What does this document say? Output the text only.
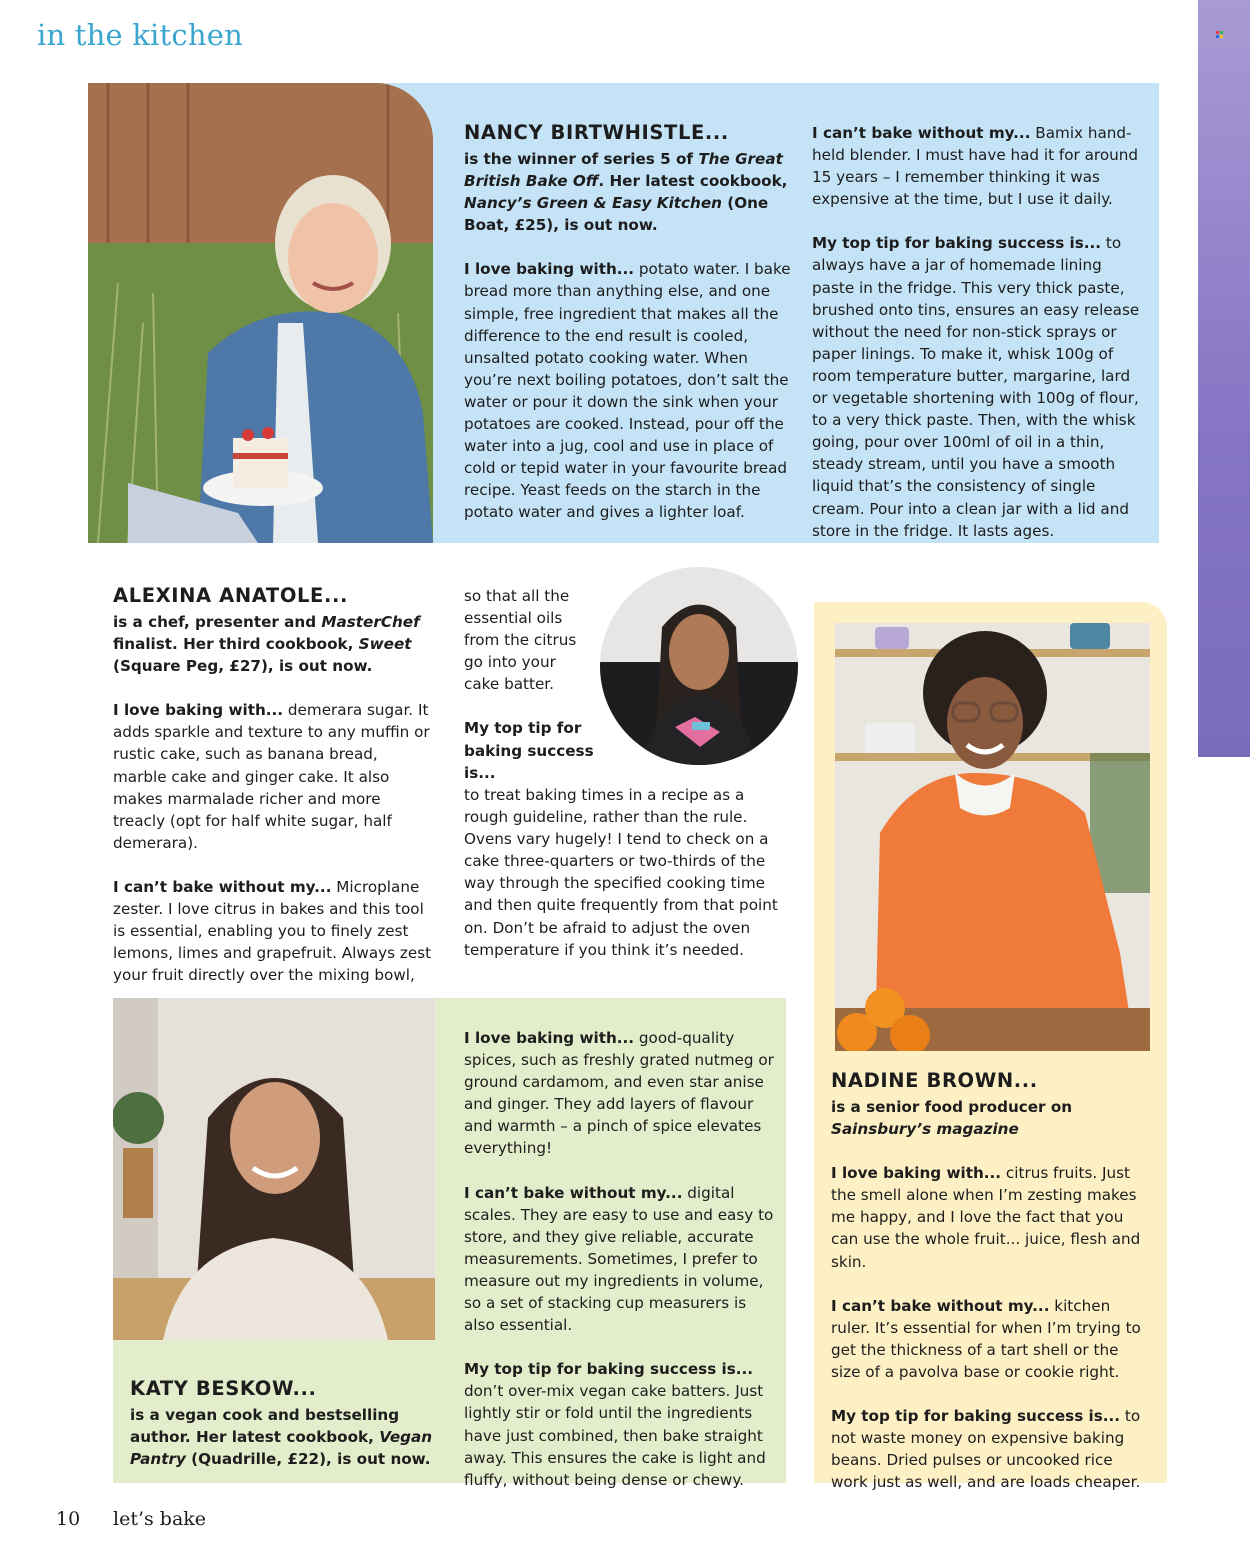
in the kitchen
NANCY BIRTWHISTLE...

is the winner of series 5 of The Great British Bake Off. Her latest cookbook, Nancy’s Green & Easy Kitchen (One Boat, £25), is out now.

I love baking with... potato water. I bake bread more than anything else, and one simple, free ingredient that makes all the difference to the end result is cooled, unsalted potato cooking water. When you’re next boiling potatoes, don’t salt the water or pour it down the sink when your potatoes are cooked. Instead, pour off the water into a jug, cool and use in place of cold or tepid water in your favourite bread recipe. Yeast feeds on the starch in the potato water and gives a lighter loaf.

I can’t bake without my... Bamix hand-held blender. I must have had it for around 15 years – I remember thinking it was expensive at the time, but I use it daily.

My top tip for baking success is... to always have a jar of homemade lining paste in the fridge. This very thick paste, brushed onto tins, ensures an easy release without the need for non-stick sprays or paper linings. To make it, whisk 100g of room temperature butter, margarine, lard or vegetable shortening with 100g of flour, to a very thick paste. Then, with the whisk going, pour over 100ml of oil in a thin, steady stream, until you have a smooth liquid that’s the consistency of single cream. Pour into a clean jar with a lid and store in the fridge. It lasts ages.

ALEXINA ANATOLE...

is a chef, presenter and MasterChef finalist. Her third cookbook, Sweet (Square Peg, £27), is out now.

I love baking with... demerara sugar. It adds sparkle and texture to any muffin or rustic cake, such as banana bread, marble cake and ginger cake. It also makes marmalade richer and more treacly (opt for half white sugar, half demerara).

I can’t bake without my... Microplane zester. I love citrus in bakes and this tool is essential, enabling you to finely zest lemons, limes and grapefruit. Always zest your fruit directly over the mixing bowl,

so that all the essential oils from the citrus go into your cake batter.

My top tip for baking success is...

to treat baking times in a recipe as a rough guideline, rather than the rule. Ovens vary hugely! I tend to check on a cake three-quarters or two-thirds of the way through the specified cooking time and then quite frequently from that point on. Don’t be afraid to adjust the oven temperature if you think it’s needed.

KATY BESKOW...

is a vegan cook and bestselling author. Her latest cookbook, Vegan Pantry (Quadrille, £22), is out now.

I love baking with... good-quality spices, such as freshly grated nutmeg or ground cardamom, and even star anise and ginger. They add layers of flavour and warmth – a pinch of spice elevates everything!

I can’t bake without my... digital scales. They are easy to use and easy to store, and they give reliable, accurate measurements. Sometimes, I prefer to measure out my ingredients in volume, so a set of stacking cup measurers is also essential.

My top tip for baking success is... don’t over-mix vegan cake batters. Just lightly stir or fold until the ingredients have just combined, then bake straight away. This ensures the cake is light and fluffy, without being dense or chewy.

NADINE BROWN...

is a senior food producer on Sainsbury’s magazine

I love baking with... citrus fruits. Just the smell alone when I’m zesting makes me happy, and I love the fact that you can use the whole fruit... juice, flesh and skin.

I can’t bake without my... kitchen ruler. It’s essential for when I’m trying to get the thickness of a tart shell or the size of a pavolva base or cookie right.

My top tip for baking success is... to not waste money on expensive baking beans. Dried pulses or uncooked rice work just as well, and are loads cheaper.

10 let’s bake
